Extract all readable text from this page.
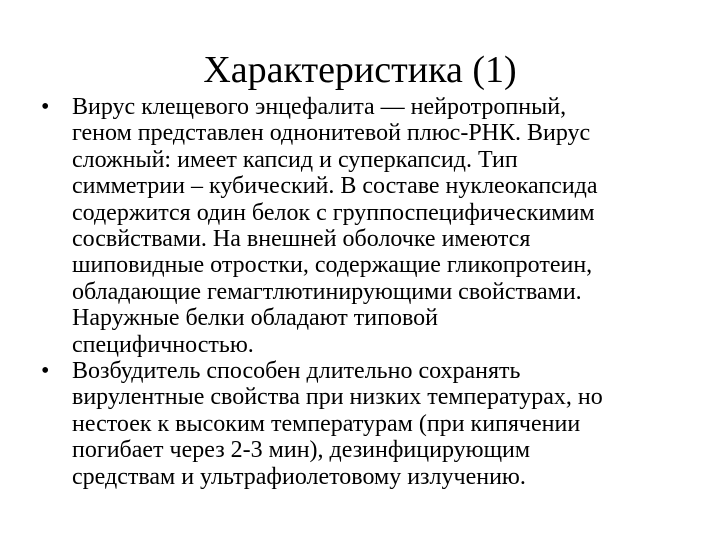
Характеристика (1)
• Вирус клещевого энцефалита — нейротропный,
геном представлен однонитевой плюс-РНК. Вирус
сложный: имеет капсид и суперкапсид. Тип
симметрии – кубический. В составе нуклеокапсида
содержится один белок с группоспецифическимим
сосвйствами. На внешней оболочке имеются
шиповидные отростки, содержащие гликопротеин,
обладающие гемагтлютинирующими свойствами.
Наружные белки обладают типовой
специфичностью.
• Возбудитель способен длительно сохранять
вирулентные свойства при низких температурах, но
нестоек к высоким температурам (при кипячении
погибает через 2-3 мин), дезинфицирующим
средствам и ультрафиолетовому излучению.
